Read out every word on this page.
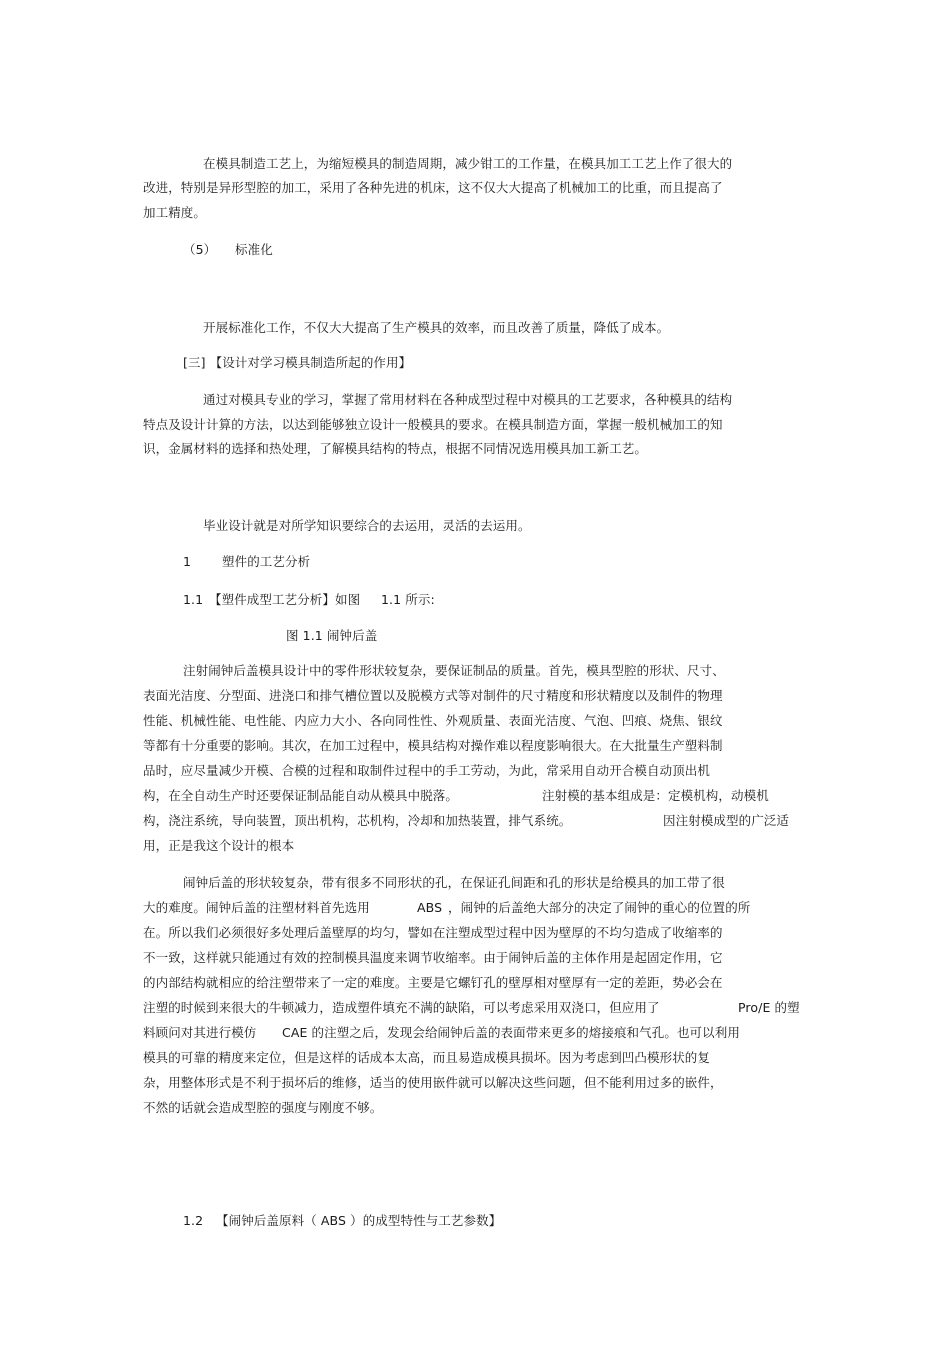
在模具制造工艺上，为缩短模具的制造周期，减少钳工的工作量，在模具加工工艺上作了很大的
改进，特别是异形型腔的加工，采用了各种先进的机床，这不仅大大提高了机械加工的比重，而且提高了
加工精度。
（5） 标准化
开展标准化工作，不仅大大提高了生产模具的效率，而且改善了质量，降低了成本。
[三] 【设计对学习模具制造所起的作用】
通过对模具专业的学习，掌握了常用材料在各种成型过程中对模具的工艺要求，各种模具的结构
特点及设计计算的方法，以达到能够独立设计一般模具的要求。在模具制造方面，掌握一般机械加工的知
识，金属材料的选择和热处理，了解模具结构的特点，根据不同情况选用模具加工新工艺。
毕业设计就是对所学知识要综合的去运用，灵活的去运用。
1 塑件的工艺分析
1.1 【塑件成型工艺分析】如图 1.1 所示:
图 1.1 闹钟后盖
注射闹钟后盖模具设计中的零件形状较复杂，要保证制品的质量。首先，模具型腔的形状、尺寸、
表面光洁度、分型面、进浇口和排气槽位置以及脱模方式等对制件的尺寸精度和形状精度以及制件的物理
性能、机械性能、电性能、内应力大小、各向同性性、外观质量、表面光洁度、气泡、凹痕、烧焦、银纹
等都有十分重要的影响。其次，在加工过程中，模具结构对操作难以程度影响很大。在大批量生产塑料制
品时，应尽量减少开模、合模的过程和取制件过程中的手工劳动，为此，常采用自动开合模自动顶出机
构，在全自动生产时还要保证制品能自动从模具中脱落。	注射模的基本组成是：定模机构，动模机
构，浇注系统，导向装置，顶出机构，芯机构，冷却和加热装置，排气系统。	因注射模成型的广泛适
用，正是我这个设计的根本
闹钟后盖的形状较复杂，带有很多不同形状的孔，在保证孔间距和孔的形状是给模具的加工带了很
大的难度。闹钟后盖的注塑材料首先选用	ABS ，闹钟的后盖绝大部分的决定了闹钟的重心的位置的所
在。所以我们必须很好多处理后盖壁厚的均匀，譬如在注塑成型过程中因为壁厚的不均匀造成了收缩率的
不一致，这样就只能通过有效的控制模具温度来调节收缩率。由于闹钟后盖的主体作用是起固定作用，它
的内部结构就相应的给注塑带来了一定的难度。主要是它螺钉孔的壁厚相对壁厚有一定的差距，势必会在
注塑的时候到来很大的牛顿减力，造成塑件填充不满的缺陷，可以考虑采用双浇口，但应用了	Pro/E 的塑
料顾问对其进行模仿 CAE 的注塑之后，发现会给闹钟后盖的表面带来更多的熔接痕和气孔。也可以利用
模具的可靠的精度来定位，但是这样的话成本太高，而且易造成模具损坏。因为考虑到凹凸模形状的复
杂，用整体形式是不利于损坏后的维修，适当的使用嵌件就可以解决这些问题，但不能利用过多的嵌件，
不然的话就会造成型腔的强度与刚度不够。
1.2 【闹钟后盖原料（ ABS ）的成型特性与工艺参数】
